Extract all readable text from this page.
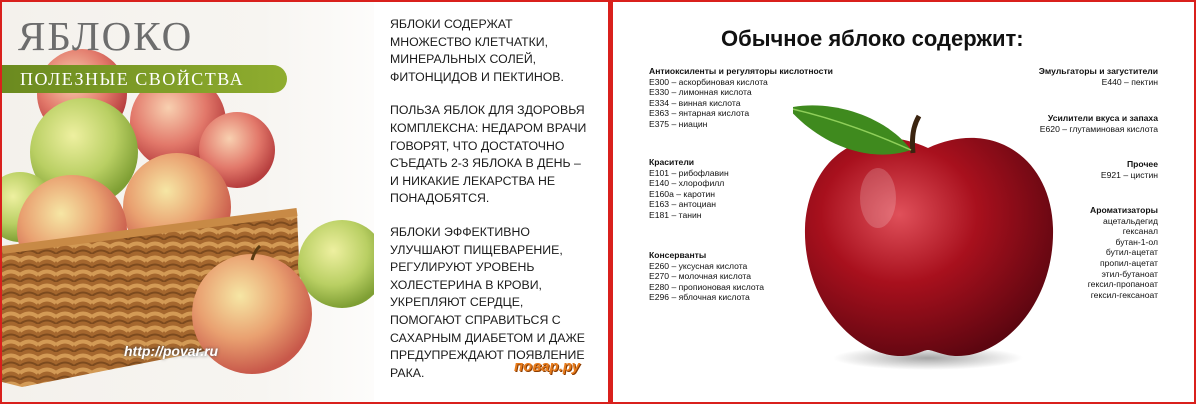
ЯБЛОКО
ПОЛЕЗНЫЕ СВОЙСТВА
http://povar.ru

ЯБЛОКИ СОДЕРЖАТ МНОЖЕСТВО КЛЕТЧАТКИ, МИНЕРАЛЬНЫХ СОЛЕЙ, ФИТОНЦИДОВ И ПЕКТИНОВ.

ПОЛЬЗА ЯБЛОК ДЛЯ ЗДОРОВЬЯ КОМПЛЕКСНА: НЕДАРОМ ВРАЧИ ГОВОРЯТ, ЧТО ДОСТАТОЧНО СЪЕДАТЬ 2-3 ЯБЛОКА В ДЕНЬ – И НИКАКИЕ ЛЕКАРСТВА НЕ ПОНАДОБЯТСЯ.

ЯБЛОКИ ЭФФЕКТИВНО УЛУЧШАЮТ ПИЩЕВАРЕНИЕ, РЕГУЛИРУЮТ УРОВЕНЬ ХОЛЕСТЕРИНА В КРОВИ, УКРЕПЛЯЮТ СЕРДЦЕ, ПОМОГАЮТ СПРАВИТЬСЯ С САХАРНЫМ ДИАБЕТОМ И ДАЖЕ ПРЕДУПРЕЖДАЮТ ПОЯВЛЕНИЕ РАКА.	повар.ру
Обычное яблоко содержит:
Антиоксиленты и регуляторы кислотности
Е300 – аскорбиновая кислота
Е330 – лимонная кислота
Е334 – винная кислота
Е363 – янтарная кислота
Е375 – ниацин
Красители
Е101 – рибофлавин
Е140 – хлорофилл
Е160а – каротин
Е163 – антоциан
Е181 – танин
Консерванты
Е260 – уксусная кислота
Е270 – молочная кислота
Е280 – пропионовая кислота
Е296 – яблочная кислота
Эмульгаторы и загустители
Е440 – пектин
Усилители вкуса и запаха
Е620 – глутаминовая кислота
Прочее
Е921 – цистин
Ароматизаторы
ацетальдегид
гексанал
бутан-1-ол
бутил-ацетат
пропил-ацетат
этил-бутаноат
гексил-пропаноат
гексил-гексаноат
